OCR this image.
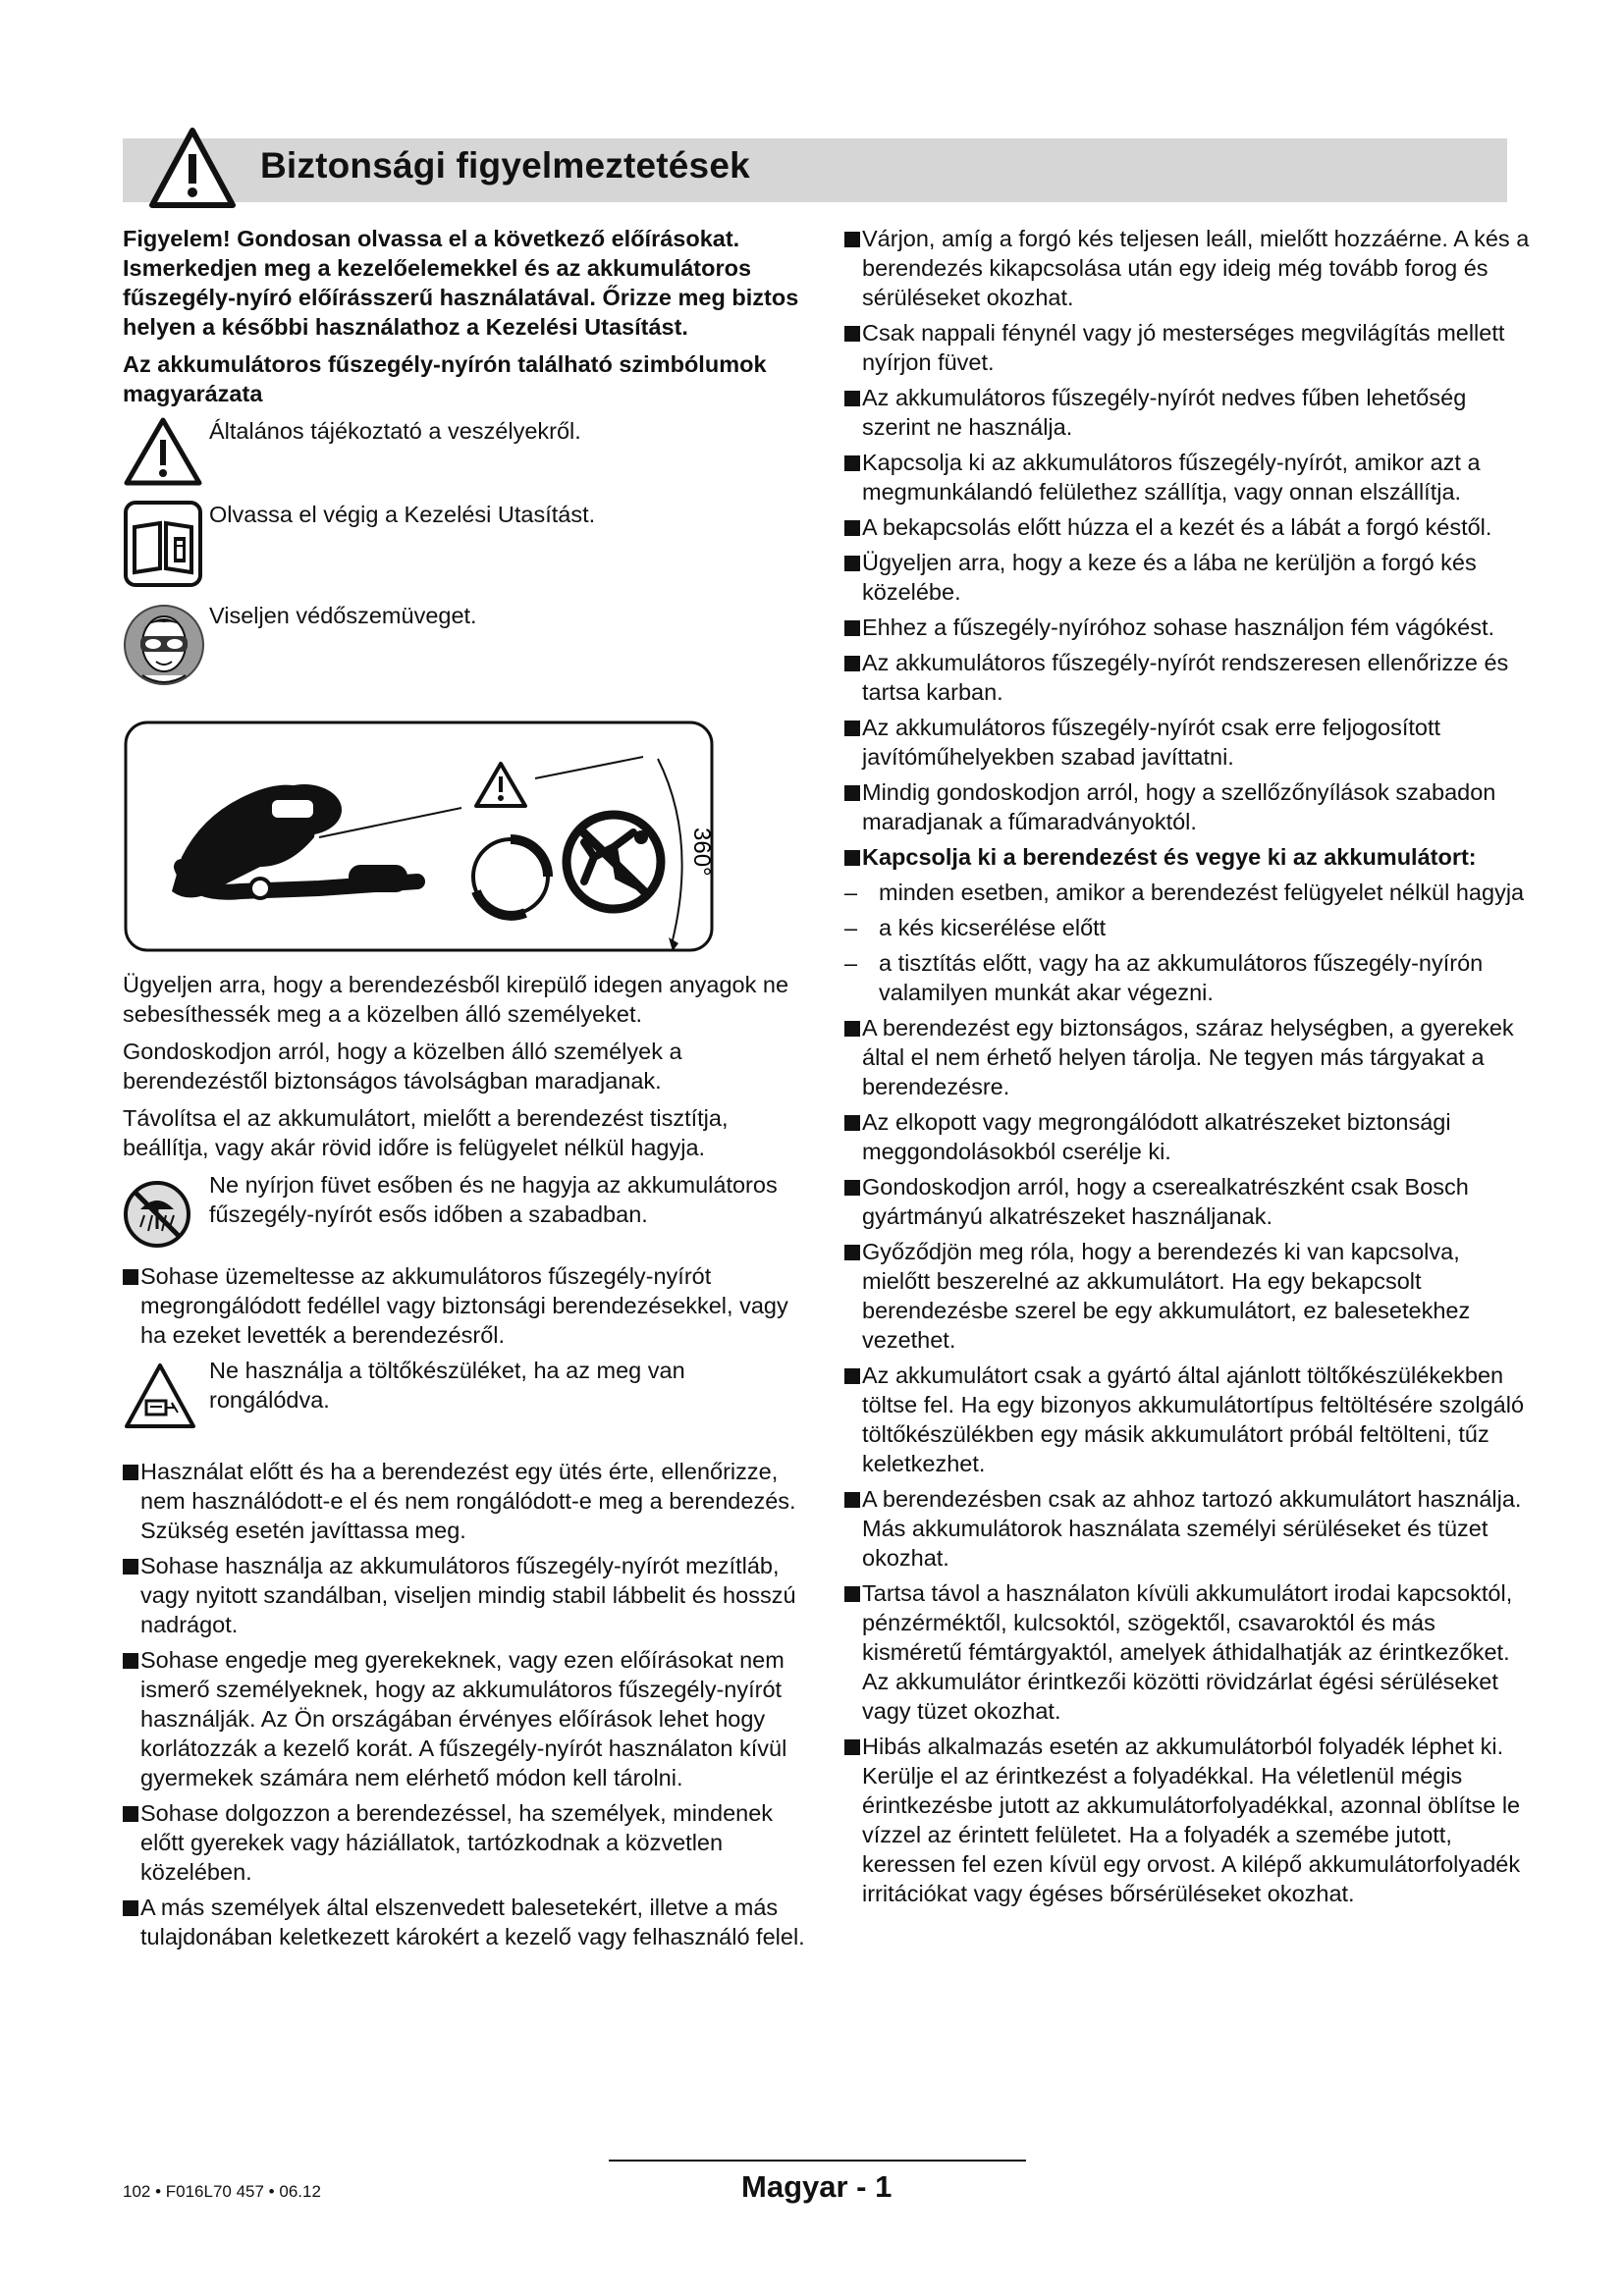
Biztonsági figyelmeztetések

Figyelem! Gondosan olvassa el a következő előírásokat. Ismerkedjen meg a kezelőelemekkel és az akkumulátoros fűszegély-nyíró előírásszerű használatával. Őrizze meg biztos helyen a későbbi használathoz a Kezelési Utasítást.

Az akkumulátoros fűszegély-nyírón található szimbólumok magyarázata

Általános tájékoztató a veszélyekről.
Olvassa el végig a Kezelési Utasítást.
Viseljen védőszemüveget.
360°

Ügyeljen arra, hogy a berendezésből kirepülő idegen anyagok ne sebesíthessék meg a a közelben álló személyeket.

Gondoskodjon arról, hogy a közelben álló személyek a berendezéstől biztonságos távolságban maradjanak.

Távolítsa el az akkumulátort, mielőtt a berendezést tisztítja, beállítja, vagy akár rövid időre is felügyelet nélkül hagyja.

Ne nyírjon füvet esőben és ne hagyja az akkumulátoros fűszegély-nyírót esős időben a szabadban.
Sohase üzemeltesse az akkumulátoros fűszegély-nyírót megrongálódott fedéllel vagy biztonsági berendezésekkel, vagy ha ezeket levették a berendezésről.
Ne használja a töltőkészüléket, ha az meg van rongálódva.
Használat előtt és ha a berendezést egy ütés érte, ellenőrizze, nem használódott-e el és nem rongálódott-e meg a berendezés. Szükség esetén javíttassa meg.
Sohase használja az akkumulátoros fűszegély-nyírót mezítláb, vagy nyitott szandálban, viseljen mindig stabil lábbelit és hosszú nadrágot.
Sohase engedje meg gyerekeknek, vagy ezen előírásokat nem ismerő személyeknek, hogy az akkumulátoros fűszegély-nyírót használják. Az Ön országában érvényes előírások lehet hogy korlátozzák a kezelő korát. A fűszegély-nyírót használaton kívül gyermekek számára nem elérhető módon kell tárolni.
Sohase dolgozzon a berendezéssel, ha személyek, mindenek előtt gyerekek vagy háziállatok, tartózkodnak a közvetlen közelében.
A más személyek által elszenvedett balesetekért, illetve a más tulajdonában keletkezett károkért a kezelő vagy felhasználó felel.
Várjon, amíg a forgó kés teljesen leáll, mielőtt hozzáérne. A kés a berendezés kikapcsolása után egy ideig még tovább forog és sérüléseket okozhat.
Csak nappali fénynél vagy jó mesterséges megvilágítás mellett nyírjon füvet.
Az akkumulátoros fűszegély-nyírót nedves fűben lehetőség szerint ne használja.
Kapcsolja ki az akkumulátoros fűszegély-nyírót, amikor azt a megmunkálandó felülethez szállítja, vagy onnan elszállítja.
A bekapcsolás előtt húzza el a kezét és a lábát a forgó késtől.
Ügyeljen arra, hogy a keze és a lába ne kerüljön a forgó kés közelébe.
Ehhez a fűszegély-nyíróhoz sohase használjon fém vágókést.
Az akkumulátoros fűszegély-nyírót rendszeresen ellenőrizze és tartsa karban.
Az akkumulátoros fűszegély-nyírót csak erre feljogosított javítóműhelyekben szabad javíttatni.
Mindig gondoskodjon arról, hogy a szellőzőnyílások szabadon maradjanak a fűmaradványoktól.
Kapcsolja ki a berendezést és vegye ki az akkumulátort:
– minden esetben, amikor a berendezést felügyelet nélkül hagyja
– a kés kicserélése előtt
– a tisztítás előtt, vagy ha az akkumulátoros fűszegély-nyírón valamilyen munkát akar végezni.
A berendezést egy biztonságos, száraz helységben, a gyerekek által el nem érhető helyen tárolja. Ne tegyen más tárgyakat a berendezésre.
Az elkopott vagy megrongálódott alkatrészeket biztonsági meggondolásokból cserélje ki.
Gondoskodjon arról, hogy a cserealkatrészként csak Bosch gyártmányú alkatrészeket használjanak.
Győződjön meg róla, hogy a berendezés ki van kapcsolva, mielőtt beszerelné az akkumulátort. Ha egy bekapcsolt berendezésbe szerel be egy akkumulátort, ez balesetekhez vezethet.
Az akkumulátort csak a gyártó által ajánlott töltőkészülékekben töltse fel. Ha egy bizonyos akkumulátortípus feltöltésére szolgáló töltőkészülékben egy másik akkumulátort próbál feltölteni, tűz keletkezhet.
A berendezésben csak az ahhoz tartozó akkumulátort használja. Más akkumulátorok használata személyi sérüléseket és tüzet okozhat.
Tartsa távol a használaton kívüli akkumulátort irodai kapcsoktól, pénzérméktől, kulcsoktól, szögektől, csavaroktól és más kisméretű fémtárgyaktól, amelyek áthidalhatják az érintkezőket. Az akkumulátor érintkezői közötti rövidzárlat égési sérüléseket vagy tüzet okozhat.
Hibás alkalmazás esetén az akkumulátorból folyadék léphet ki. Kerülje el az érintkezést a folyadékkal. Ha véletlenül mégis érintkezésbe jutott az akkumulátorfolyadékkal, azonnal öblítse le vízzel az érintett felületet. Ha a folyadék a szemébe jutott, keressen fel ezen kívül egy orvost. A kilépő akkumulátorfolyadék irritációkat vagy égéses bőrsérüléseket okozhat.
102 • F016L70 457 • 06.12	Magyar - 1
